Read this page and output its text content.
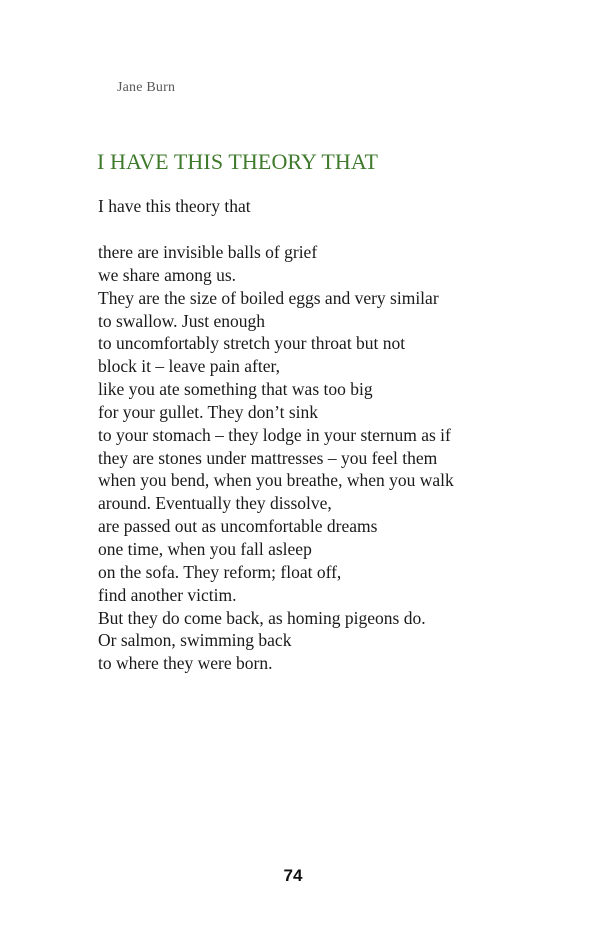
Jane Burn
I HAVE THIS THEORY THAT
I have this theory that
there are invisible balls of grief
we share among us.
They are the size of boiled eggs and very similar
to swallow. Just enough
to uncomfortably stretch your throat but not
block it – leave pain after,
like you ate something that was too big
for your gullet. They don’t sink
to your stomach – they lodge in your sternum as if
they are stones under mattresses – you feel them
when you bend, when you breathe, when you walk
around. Eventually they dissolve,
are passed out as uncomfortable dreams
one time, when you fall asleep
on the sofa. They reform; float off,
find another victim.
But they do come back, as homing pigeons do.
Or salmon, swimming back
to where they were born.
74
